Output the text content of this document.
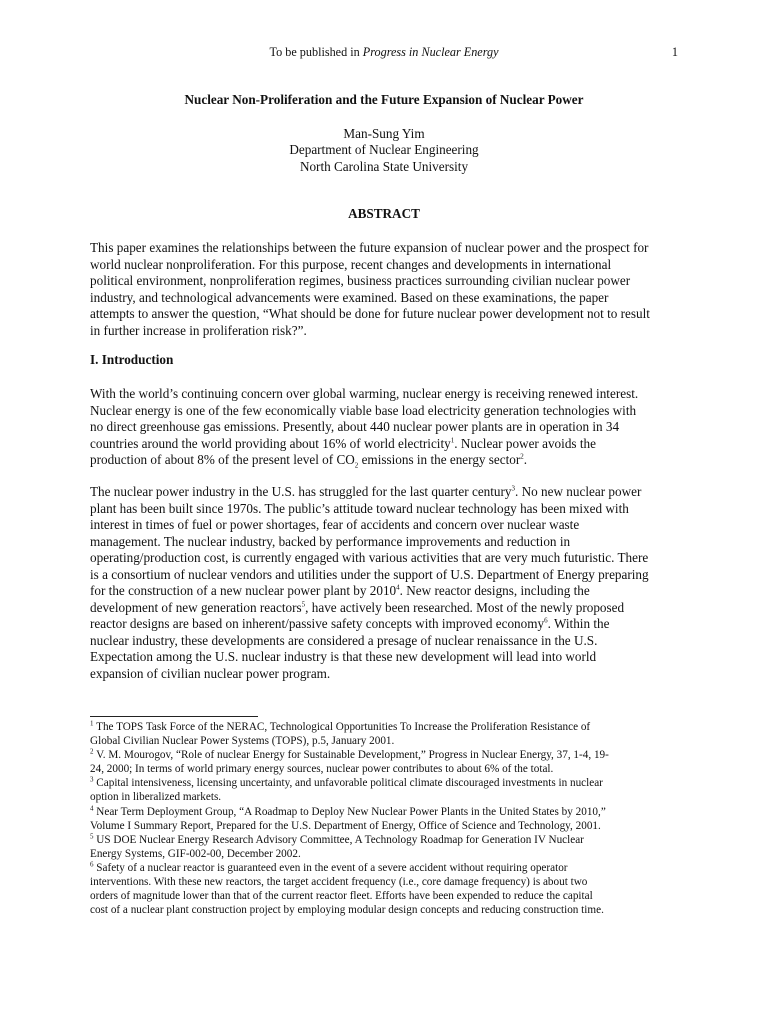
To be published in Progress in Nuclear Energy	1

Nuclear Non-Proliferation and the Future Expansion of Nuclear Power

Man-Sung Yim

Department of Nuclear Engineering

North Carolina State University

ABSTRACT
This paper examines the relationships between the future expansion of nuclear power and the prospect for
world nuclear nonproliferation. For this purpose, recent changes and developments in international
political environment, nonproliferation regimes, business practices surrounding civilian nuclear power
industry, and technological advancements were examined. Based on these examinations, the paper
attempts to answer the question, “What should be done for future nuclear power development not to result
in further increase in proliferation risk?”.
I. Introduction
With the world’s continuing concern over global warming, nuclear energy is receiving renewed interest.
Nuclear energy is one of the few economically viable base load electricity generation technologies with
no direct greenhouse gas emissions. Presently, about 440 nuclear power plants are in operation in 34
countries around the world providing about 16% of world electricity$^1$. Nuclear power avoids the
production of about 8% of the present level of $CO_2$ emissions in the energy sector$^2$.
The nuclear power industry in the U.S. has struggled for the last quarter century$^3$. No new nuclear power
plant has been built since 1970s. The public’s attitude toward nuclear technology has been mixed with
interest in times of fuel or power shortages, fear of accidents and concern over nuclear waste
management. The nuclear industry, backed by performance improvements and reduction in
operating/production cost, is currently engaged with various activities that are very much futuristic. There
is a consortium of nuclear vendors and utilities under the support of U.S. Department of Energy preparing
for the construction of a new nuclear power plant by 2010$^4$. New reactor designs, including the
development of new generation reactors$^5$, have actively been researched. Most of the newly proposed
reactor designs are based on inherent/passive safety concepts with improved economy$^6$. Within the
nuclear industry, these developments are considered a presage of nuclear renaissance in the U.S.
Expectation among the U.S. nuclear industry is that these new development will lead into world
expansion of civilian nuclear power program.
$^1$ The TOPS Task Force of the NERAC, Technological Opportunities To Increase the Proliferation Resistance of
Global Civilian Nuclear Power Systems (TOPS), p.5, January 2001.
$^2$ V. M. Mourogov, “Role of nuclear Energy for Sustainable Development,” Progress in Nuclear Energy, 37, 1-4, 19-
24, 2000; In terms of world primary energy sources, nuclear power contributes to about 6% of the total.
$^3$ Capital intensiveness, licensing uncertainty, and unfavorable political climate discouraged investments in nuclear
option in liberalized markets.
$^4$ Near Term Deployment Group, “A Roadmap to Deploy New Nuclear Power Plants in the United States by 2010,”
Volume I Summary Report, Prepared for the U.S. Department of Energy, Office of Science and Technology, 2001.
$^5$ US DOE Nuclear Energy Research Advisory Committee, A Technology Roadmap for Generation IV Nuclear
Energy Systems, GIF-002-00, December 2002.
$^6$ Safety of a nuclear reactor is guaranteed even in the event of a severe accident without requiring operator
interventions. With these new reactors, the target accident frequency (i.e., core damage frequency) is about two
orders of magnitude lower than that of the current reactor fleet. Efforts have been expended to reduce the capital
cost of a nuclear plant construction project by employing modular design concepts and reducing construction time.
